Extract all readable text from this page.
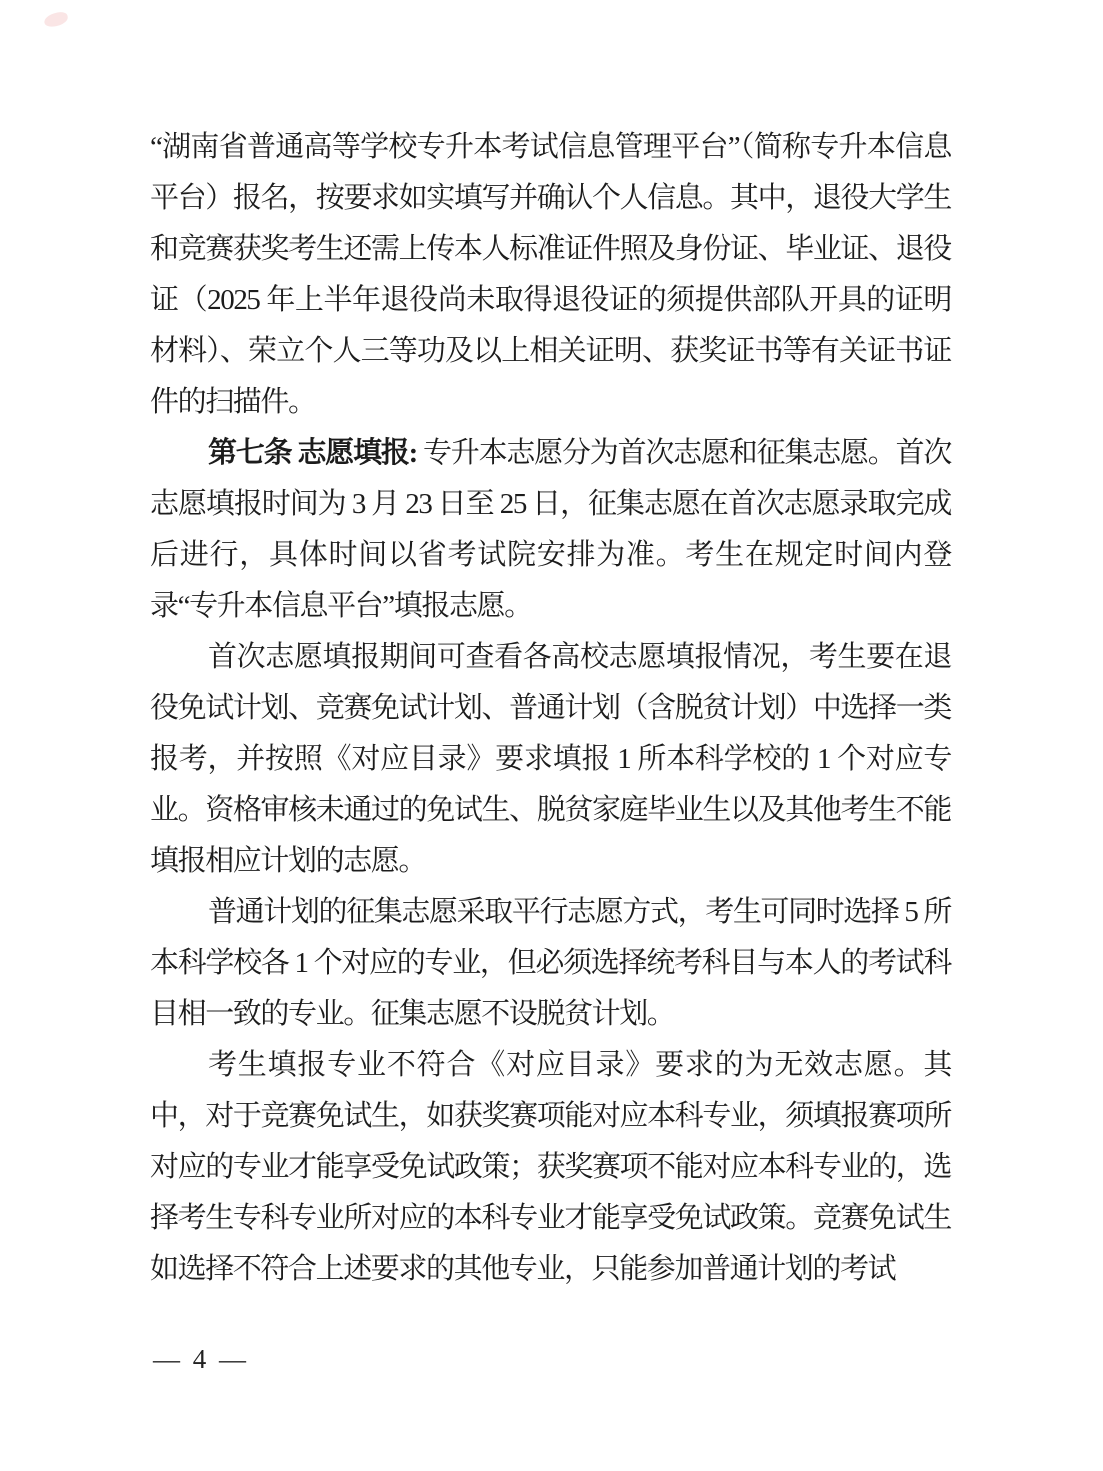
“湖南省普通高等学校专升本考试信息管理平台”（简称专升本信息平台）报名，按要求如实填写并确认个人信息。其中，退役大学生和竞赛获奖考生还需上传本人标准证件照及身份证、毕业证、退役证（2025 年上半年退役尚未取得退役证的须提供部队开具的证明材料）、荣立个人三等功及以上相关证明、获奖证书等有关证书证件的扫描件。

第七条 志愿填报: 专升本志愿分为首次志愿和征集志愿。首次志愿填报时间为 3 月 23 日至 25 日，征集志愿在首次志愿录取完成后进行，具体时间以省考试院安排为准。考生在规定时间内登录“专升本信息平台”填报志愿。

首次志愿填报期间可查看各高校志愿填报情况，考生要在退役免试计划、竞赛免试计划、普通计划（含脱贫计划）中选择一类报考，并按照《对应目录》要求填报 1 所本科学校的 1 个对应专业。资格审核未通过的免试生、脱贫家庭毕业生以及其他考生不能填报相应计划的志愿。

普通计划的征集志愿采取平行志愿方式，考生可同时选择 5 所本科学校各 1 个对应的专业，但必须选择统考科目与本人的考试科目相一致的专业。征集志愿不设脱贫计划。

考生填报专业不符合《对应目录》要求的为无效志愿。其中，对于竞赛免试生，如获奖赛项能对应本科专业，须填报赛项所对应的专业才能享受免试政策；获奖赛项不能对应本科专业的，选择考生专科专业所对应的本科专业才能享受免试政策。竞赛免试生如选择不符合上述要求的其他专业，只能参加普通计划的考试

— 4 —
